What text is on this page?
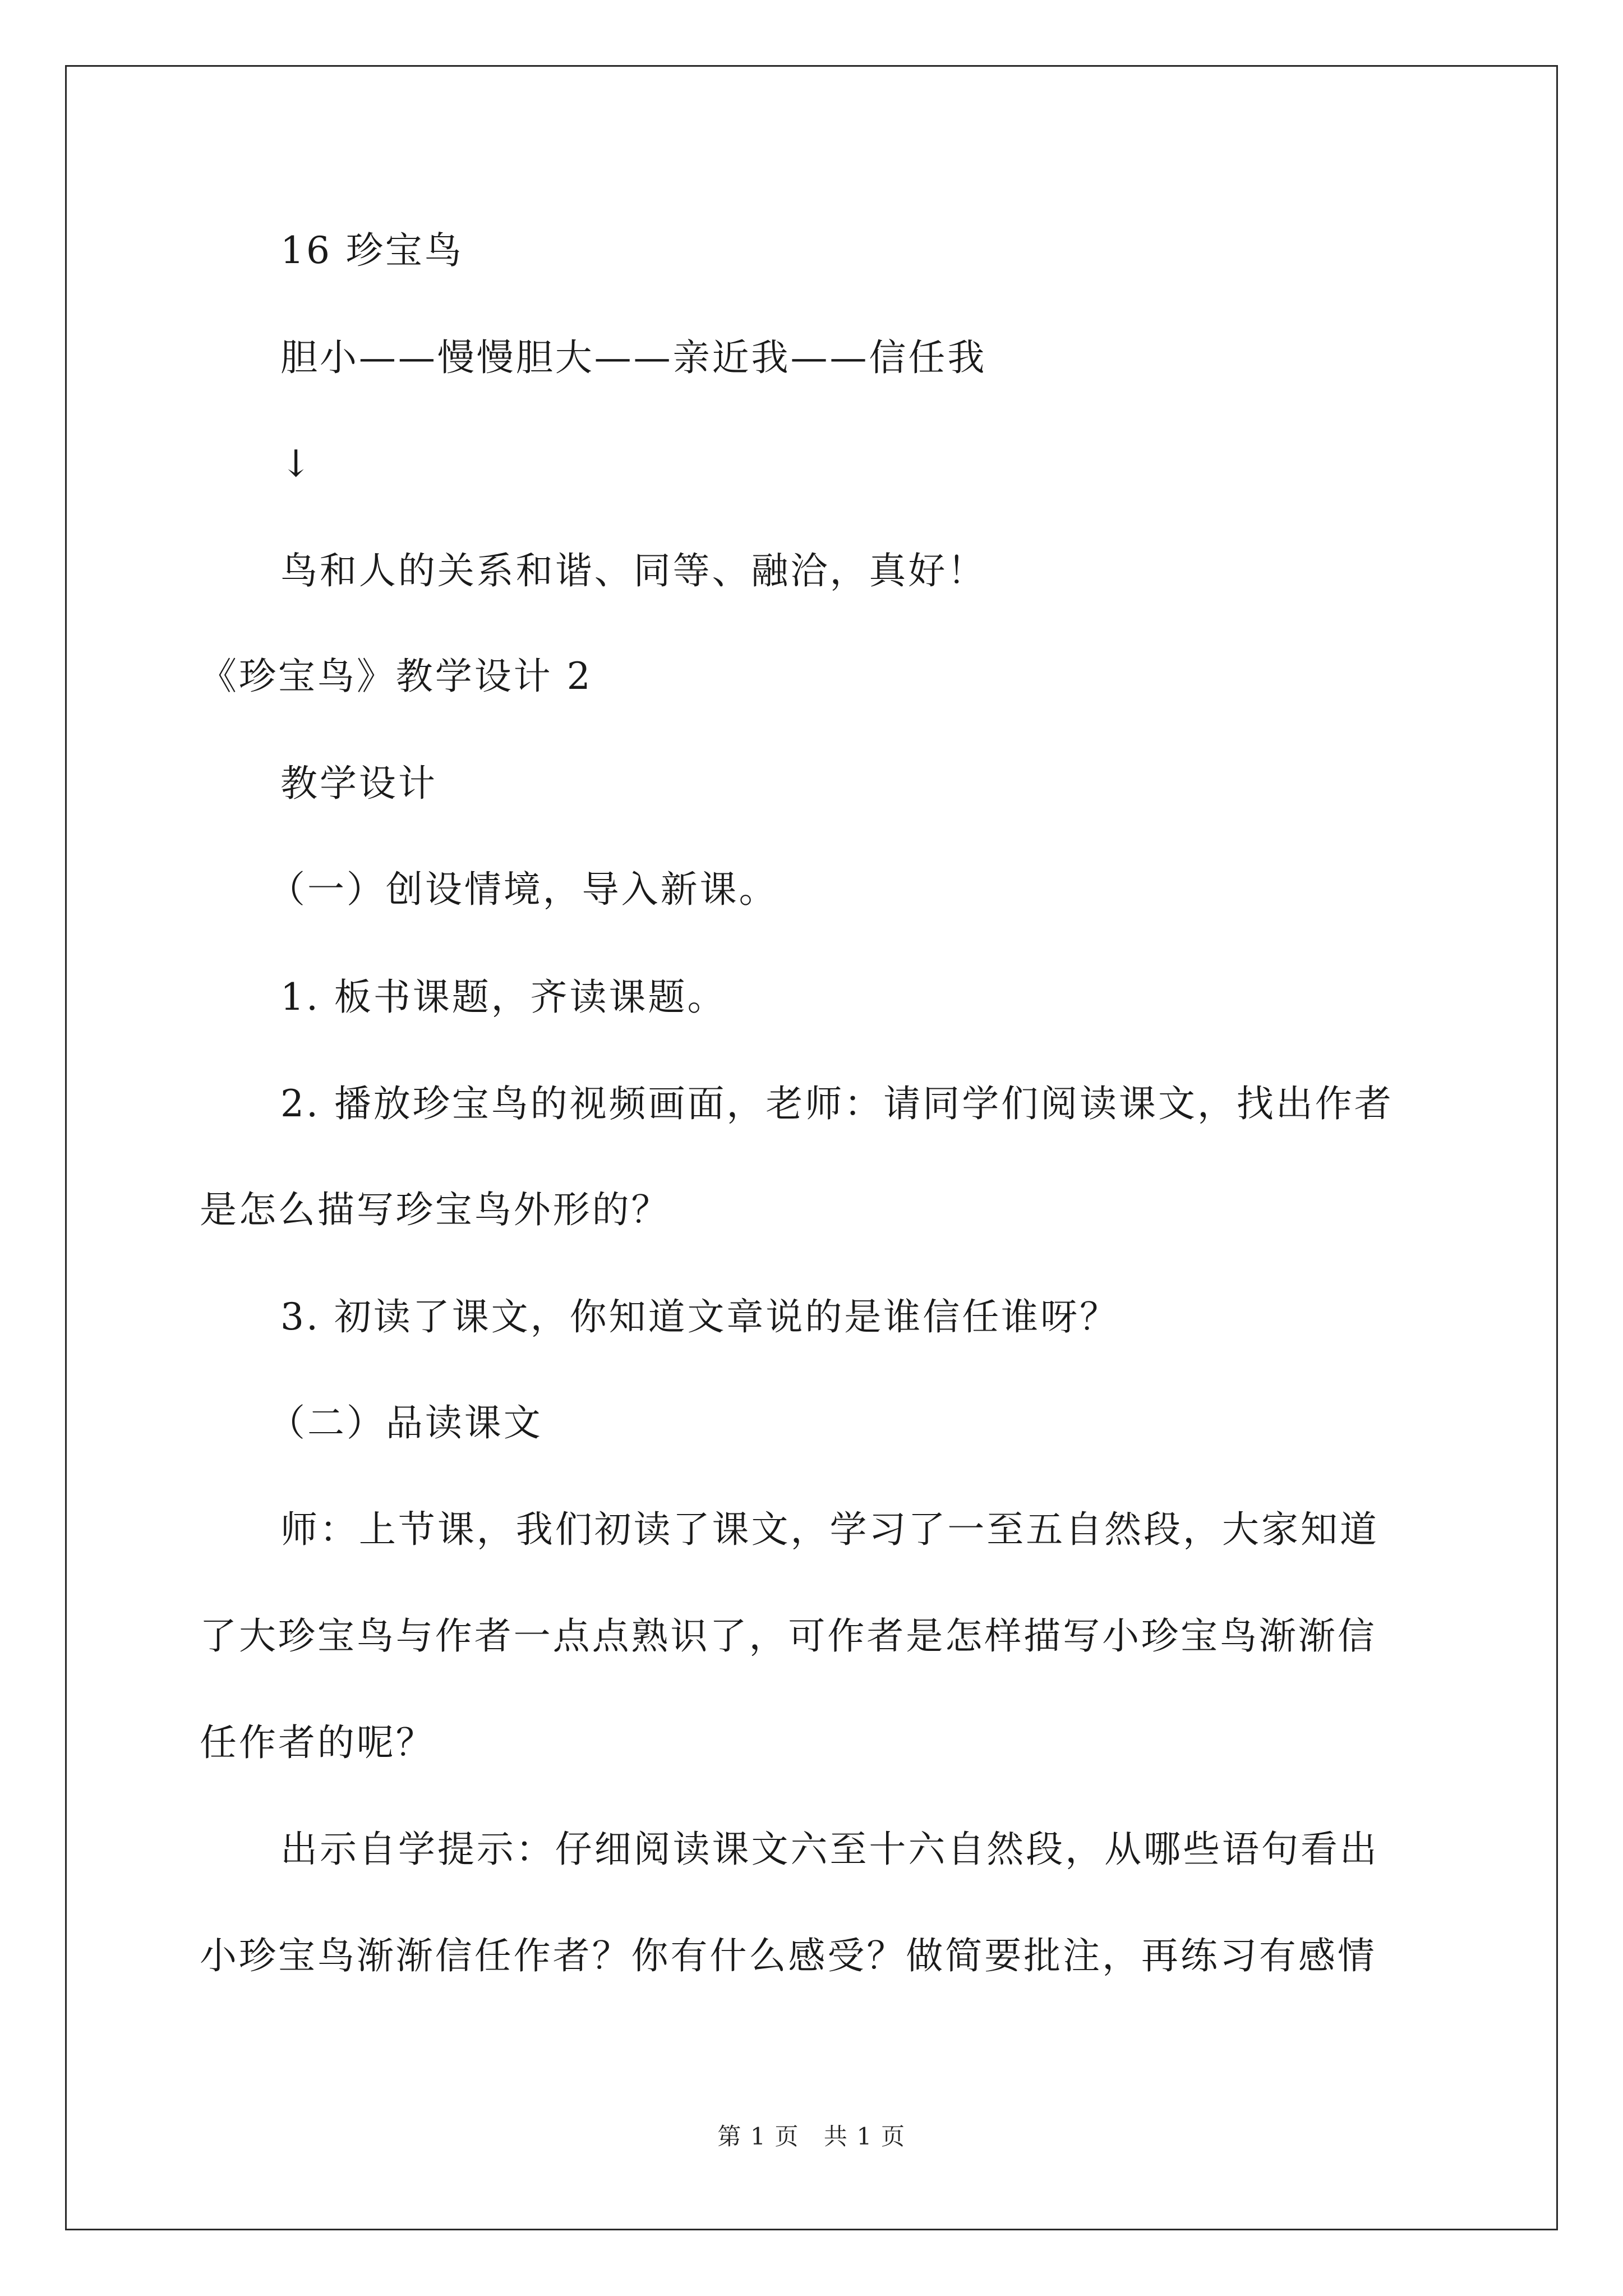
16 珍宝鸟
胆小——慢慢胆大——亲近我——信任我
↓
鸟和人的关系和谐、同等、融洽，真好！
《珍宝鸟》教学设计 2
教学设计
（一）创设情境，导入新课。
1. 板书课题，齐读课题。
2. 播放珍宝鸟的视频画面，老师：请同学们阅读课文，找出作者
是怎么描写珍宝鸟外形的？
3. 初读了课文，你知道文章说的是谁信任谁呀？
（二）品读课文
师：上节课，我们初读了课文，学习了一至五自然段，大家知道
了大珍宝鸟与作者一点点熟识了，可作者是怎样描写小珍宝鸟渐渐信
任作者的呢？
出示自学提示：仔细阅读课文六至十六自然段，从哪些语句看出
小珍宝鸟渐渐信任作者？你有什么感受？做简要批注，再练习有感情
第 1 页　共 1 页
